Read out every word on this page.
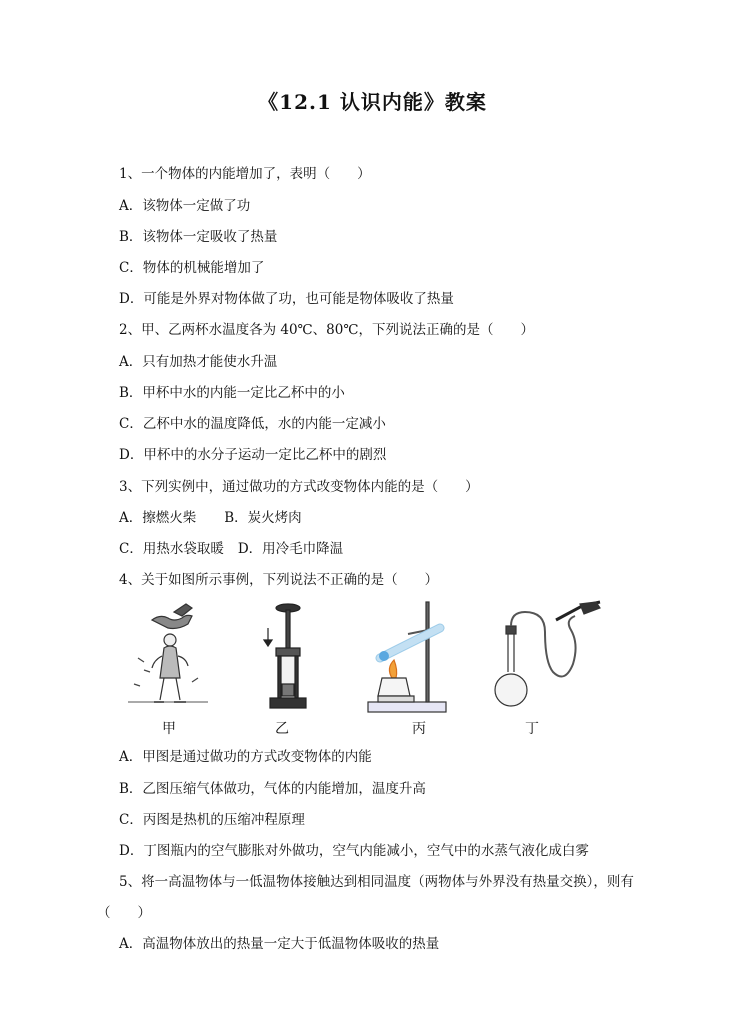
《12.1 认识内能》教案
1、一个物体的内能增加了，表明（　　）
A．该物体一定做了功
B．该物体一定吸收了热量
C．物体的机械能增加了
D．可能是外界对物体做了功，也可能是物体吸收了热量
2、甲、乙两杯水温度各为 40℃、80℃，下列说法正确的是（　　）
A．只有加热才能使水升温
B．甲杯中水的内能一定比乙杯中的小
C．乙杯中水的温度降低，水的内能一定减小
D．甲杯中的水分子运动一定比乙杯中的剧烈
3、下列实例中，通过做功的方式改变物体内能的是（　　）
A．擦燃火柴 B．炭火烤肉
C．用热水袋取暖 D．用冷毛巾降温
4、关于如图所示事例，下列说法不正确的是（　　）
甲	乙	丙	丁
A．甲图是通过做功的方式改变物体的内能
B．乙图压缩气体做功，气体的内能增加，温度升高
C．丙图是热机的压缩冲程原理
D．丁图瓶内的空气膨胀对外做功，空气内能减小，空气中的水蒸气液化成白雾
5、将一高温物体与一低温物体接触达到相同温度（两物体与外界没有热量交换），则有
（　　）
A．高温物体放出的热量一定大于低温物体吸收的热量
